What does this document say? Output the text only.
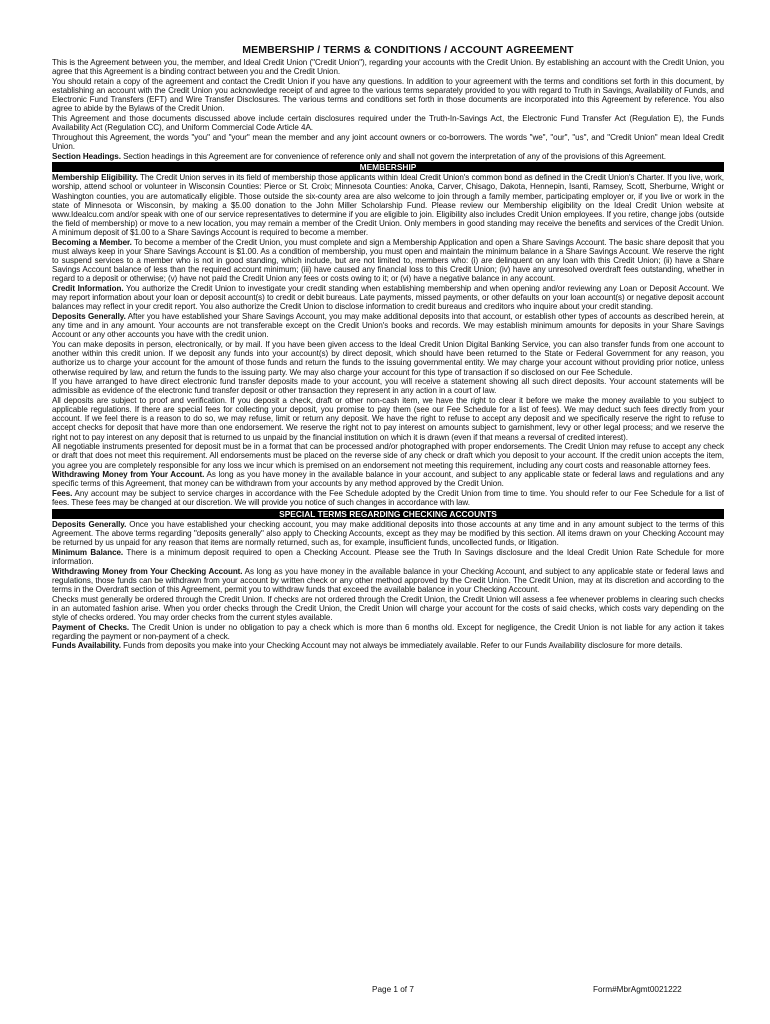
MEMBERSHIP / TERMS & CONDITIONS / ACCOUNT AGREEMENT

This is the Agreement between you, the member, and Ideal Credit Union ("Credit Union"), regarding your accounts with the Credit Union. By establishing an account with the Credit Union, you agree that this Agreement is a binding contract between you and the Credit Union.

You should retain a copy of the agreement and contact the Credit Union if you have any questions. In addition to your agreement with the terms and conditions set forth in this document, by establishing an account with the Credit Union you acknowledge receipt of and agree to the various terms separately provided to you with regard to Truth in Savings, Availability of Funds, and Electronic Fund Transfers (EFT) and Wire Transfer Disclosures. The various terms and conditions set forth in those documents are incorporated into this Agreement by reference. You also agree to abide by the Bylaws of the Credit Union.

This Agreement and those documents discussed above include certain disclosures required under the Truth-In-Savings Act, the Electronic Fund Transfer Act (Regulation E), the Funds Availability Act (Regulation CC), and Uniform Commercial Code Article 4A.

Throughout this Agreement, the words "you" and "your" mean the member and any joint account owners or co-borrowers. The words "we", "our", "us", and "Credit Union" mean Ideal Credit Union.

Section Headings. Section headings in this Agreement are for convenience of reference only and shall not govern the interpretation of any of the provisions of this Agreement.

MEMBERSHIP

Membership Eligibility. The Credit Union serves in its field of membership those applicants within Ideal Credit Union's common bond as defined in the Credit Union's Charter. If you live, work, worship, attend school or volunteer in Wisconsin Counties: Pierce or St. Croix; Minnesota Counties: Anoka, Carver, Chisago, Dakota, Hennepin, Isanti, Ramsey, Scott, Sherburne, Wright or Washington counties, you are automatically eligible. Those outside the six-county area are also welcome to join through a family member, participating employer or, if you live or work in the state of Minnesota or Wisconsin, by making a $5.00 donation to the John Miller Scholarship Fund. Please review our Membership eligibility on the Ideal Credit Union website at www.Idealcu.com and/or speak with one of our service representatives to determine if you are eligible to join. Eligibility also includes Credit Union employees. If you retire, change jobs (outside the field of membership) or move to a new location, you may remain a member of the Credit Union. Only members in good standing may receive the benefits and services of the Credit Union. A minimum deposit of $1.00 to a Share Savings Account is required to become a member.

Becoming a Member. To become a member of the Credit Union, you must complete and sign a Membership Application and open a Share Savings Account. The basic share deposit that you must always keep in your Share Savings Account is $1.00. As a condition of membership, you must open and maintain the minimum balance in a Share Savings Account. We reserve the right to suspend services to a member who is not in good standing, which include, but are not limited to, members who: (i) are delinquent on any loan with this Credit Union; (ii) have a Share Savings Account balance of less than the required account minimum; (iii) have caused any financial loss to this Credit Union; (iv) have any unresolved overdraft fees outstanding, whether in regard to a deposit or otherwise; (v) have not paid the Credit Union any fees or costs owing to it; or (vi) have a negative balance in any account.

Credit Information. You authorize the Credit Union to investigate your credit standing when establishing membership and when opening and/or reviewing any Loan or Deposit Account. We may report information about your loan or deposit account(s) to credit or debit bureaus. Late payments, missed payments, or other defaults on your loan account(s) or negative deposit account balances may reflect in your credit report. You also authorize the Credit Union to disclose information to credit bureaus and creditors who inquire about your credit standing.

Deposits Generally. After you have established your Share Savings Account, you may make additional deposits into that account, or establish other types of accounts as described herein, at any time and in any amount. Your accounts are not transferable except on the Credit Union's books and records. We may establish minimum amounts for deposits in your Share Savings Account or any other accounts you have with the credit union.

You can make deposits in person, electronically, or by mail. If you have been given access to the Ideal Credit Union Digital Banking Service, you can also transfer funds from one account to another within this credit union. If we deposit any funds into your account(s) by direct deposit, which should have been returned to the State or Federal Government for any reason, you authorize us to charge your account for the amount of those funds and return the funds to the issuing governmental entity. We may charge your account without providing prior notice, unless otherwise required by law, and return the funds to the issuing party. We may also charge your account for this type of transaction if so disclosed on our Fee Schedule.

If you have arranged to have direct electronic fund transfer deposits made to your account, you will receive a statement showing all such direct deposits. Your account statements will be admissible as evidence of the electronic fund transfer deposit or other transaction they represent in any action in a court of law.

All deposits are subject to proof and verification. If you deposit a check, draft or other non-cash item, we have the right to clear it before we make the money available to you subject to applicable regulations. If there are special fees for collecting your deposit, you promise to pay them (see our Fee Schedule for a list of fees). We may deduct such fees directly from your account. If we feel there is a reason to do so, we may refuse, limit or return any deposit. We have the right to refuse to accept any deposit and we specifically reserve the right to refuse to accept checks for deposit that have more than one endorsement. We reserve the right not to pay interest on amounts subject to garnishment, levy or other legal process; and we reserve the right not to pay interest on any deposit that is returned to us unpaid by the financial institution on which it is drawn (even if that means a reversal of credited interest).

All negotiable instruments presented for deposit must be in a format that can be processed and/or photographed with proper endorsements. The Credit Union may refuse to accept any check or draft that does not meet this requirement. All endorsements must be placed on the reverse side of any check or draft which you deposit to your account. If the credit union accepts the item, you agree you are completely responsible for any loss we incur which is premised on an endorsement not meeting this requirement, including any court costs and reasonable attorney fees.

Withdrawing Money from Your Account. As long as you have money in the available balance in your account, and subject to any applicable state or federal laws and regulations and any specific terms of this Agreement, that money can be withdrawn from your accounts by any method approved by the Credit Union.

Fees. Any account may be subject to service charges in accordance with the Fee Schedule adopted by the Credit Union from time to time. You should refer to our Fee Schedule for a list of fees. These fees may be changed at our discretion. We will provide you notice of such changes in accordance with law.

SPECIAL TERMS REGARDING CHECKING ACCOUNTS

Deposits Generally. Once you have established your checking account, you may make additional deposits into those accounts at any time and in any amount subject to the terms of this Agreement. The above terms regarding "deposits generally" also apply to Checking Accounts, except as they may be modified by this section. All items drawn on your Checking Account may be returned by us unpaid for any reason that items are normally returned, such as, for example, insufficient funds, uncollected funds, or litigation.

Minimum Balance. There is a minimum deposit required to open a Checking Account. Please see the Truth In Savings disclosure and the Ideal Credit Union Rate Schedule for more information.

Withdrawing Money from Your Checking Account. As long as you have money in the available balance in your Checking Account, and subject to any applicable state or federal laws and regulations, those funds can be withdrawn from your account by written check or any other method approved by the Credit Union. The Credit Union, may at its discretion and according to the terms in the Overdraft section of this Agreement, permit you to withdraw funds that exceed the available balance in your Checking Account.

Checks must generally be ordered through the Credit Union. If checks are not ordered through the Credit Union, the Credit Union will assess a fee whenever problems in clearing such checks in an automated fashion arise. When you order checks through the Credit Union, the Credit Union will charge your account for the costs of said checks, which costs vary depending on the style of checks ordered. You may order checks from the current styles available.

Payment of Checks. The Credit Union is under no obligation to pay a check which is more than 6 months old. Except for negligence, the Credit Union is not liable for any action it takes regarding the payment or non-payment of a check.

Funds Availability. Funds from deposits you make into your Checking Account may not always be immediately available. Refer to our Funds Availability disclosure for more details.

Page 1 of 7	Form#MbrAgmt0021222
